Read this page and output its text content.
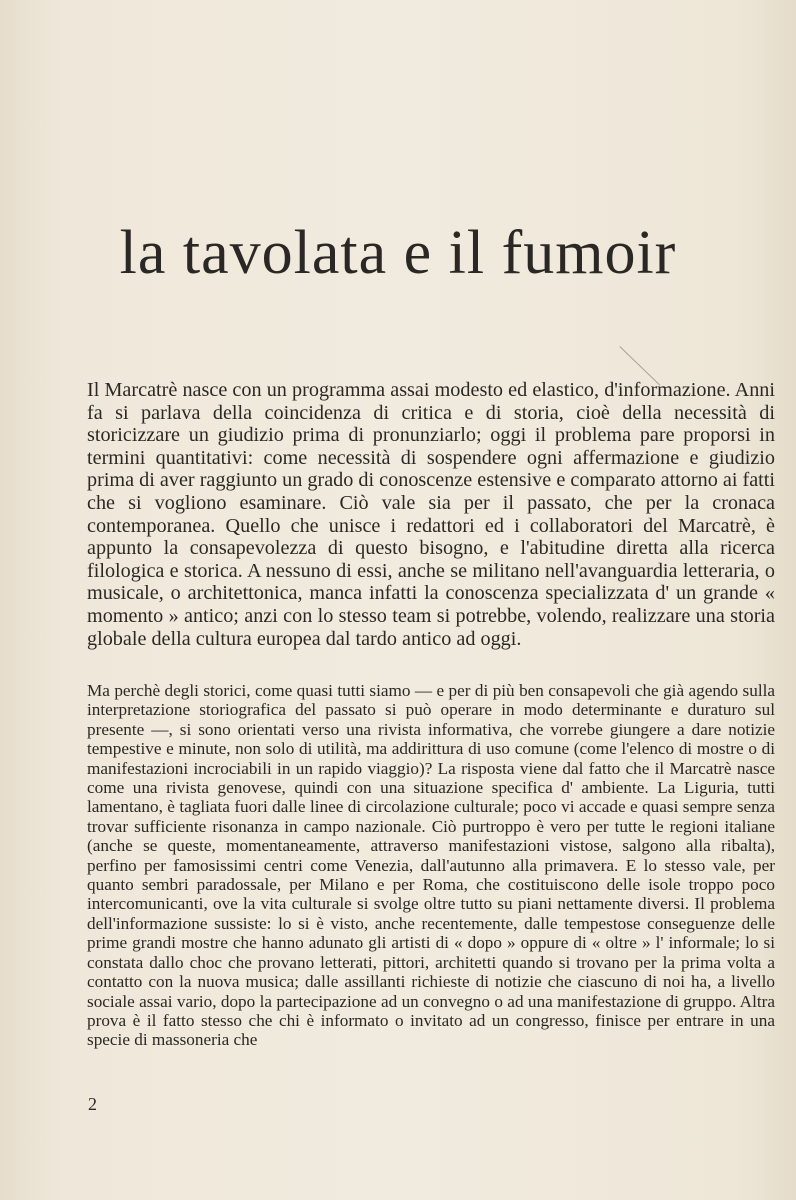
la tavolata e il fumoir

Il Marcatrè nasce con un programma assai modesto ed elastico, d'informazione. Anni fa si parlava della coincidenza di critica e di storia, cioè della necessità di storicizzare un giudizio prima di pronunziarlo; oggi il problema pare proporsi in termini quantitativi: come necessità di sospendere ogni affermazione e giudizio prima di aver raggiunto un grado di conoscenze estensive e comparato attorno ai fatti che si vogliono esaminare. Ciò vale sia per il passato, che per la cronaca contemporanea. Quello che unisce i redattori ed i collaboratori del Marcatrè, è appunto la consapevolezza di questo bisogno, e l'abitudine diretta alla ricerca filologica e storica. A nessuno di essi, anche se militano nell'avanguardia letteraria, o musicale, o architettonica, manca infatti la conoscenza specializzata d' un grande « momento » antico; anzi con lo stesso team si potrebbe, volendo, realizzare una storia globale della cultura europea dal tardo antico ad oggi.

Ma perchè degli storici, come quasi tutti siamo — e per di più ben consapevoli che già agendo sulla interpretazione storiografica del passato si può operare in modo determinante e duraturo sul presente —, si sono orientati verso una rivista informativa, che vorrebe giungere a dare notizie tempestive e minute, non solo di utilità, ma addirittura di uso comune (come l'elenco di mostre o di manifestazioni incrociabili in un rapido viaggio)? La risposta viene dal fatto che il Marcatrè nasce come una rivista genovese, quindi con una situazione specifica d' ambiente. La Liguria, tutti lamentano, è tagliata fuori dalle linee di circolazione culturale; poco vi accade e quasi sempre senza trovar sufficiente risonanza in campo nazionale. Ciò purtroppo è vero per tutte le regioni italiane (anche se queste, momentaneamente, attraverso manifestazioni vistose, salgono alla ribalta), perfino per famosissimi centri come Venezia, dall'autunno alla primavera. E lo stesso vale, per quanto sembri paradossale, per Milano e per Roma, che costituiscono delle isole troppo poco intercomunicanti, ove la vita culturale si svolge oltre tutto su piani nettamente diversi. Il problema dell'informazione sussiste: lo si è visto, anche recentemente, dalle tempestose conseguenze delle prime grandi mostre che hanno adunato gli artisti di « dopo » oppure di « oltre » l' informale; lo si constata dallo choc che provano letterati, pittori, architetti quando si trovano per la prima volta a contatto con la nuova musica; dalle assillanti richieste di notizie che ciascuno di noi ha, a livello sociale assai vario, dopo la partecipazione ad un convegno o ad una manifestazione di gruppo. Altra prova è il fatto stesso che chi è informato o invitato ad un congresso, finisce per entrare in una specie di massoneria che

2
